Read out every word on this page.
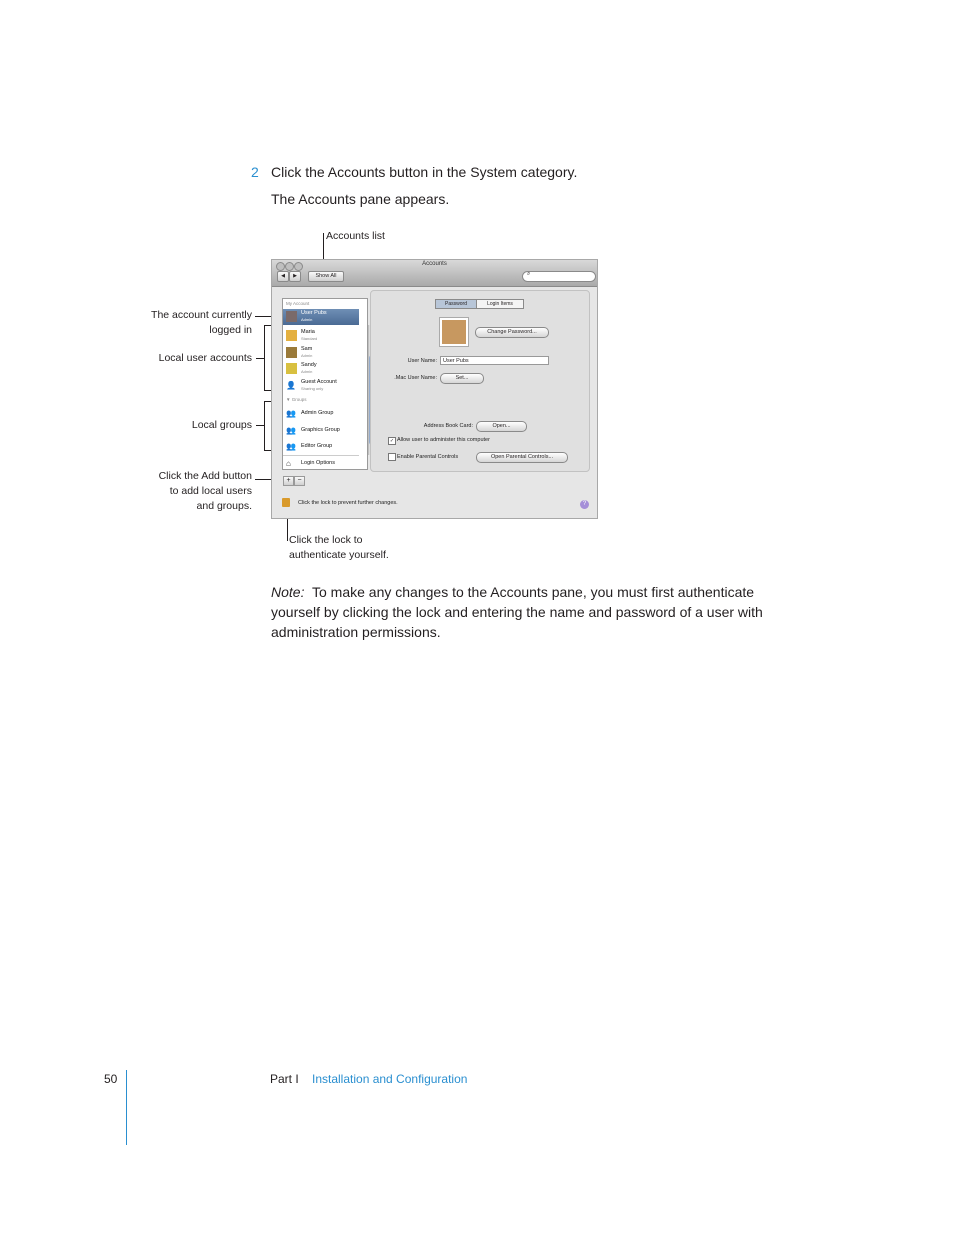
2 Click the Accounts button in the System category.
The Accounts pane appears.
Accounts list
The account currently
logged in
Local user accounts
Local groups
Click the Add button
to add local users
and groups.
Click the lock to
authenticate yourself.
Accounts
◀	▶	Show All	⌕
My Account
User Pubs
Admin
Maria
Standard
Sam
Admin
Sandy
Admin
👤 Guest Account
Sharing only
▼ Groups
👥 Admin Group
👥 Graphics Group
👥 Editor Group
⌂ Login Options
+ −
Password	Login Items
Change Password...
User Name:	User Pubs
.Mac User Name:	Set...
Address Book Card:	Open...
✓ Allow user to administer this computer
Enable Parental Controls	Open Parental Controls...
Click the lock to prevent further changes.	?
Note: To make any changes to the Accounts pane, you must first authenticate yourself by clicking the lock and entering the name and password of a user with administration permissions.
50	Part I Installation and Configuration
